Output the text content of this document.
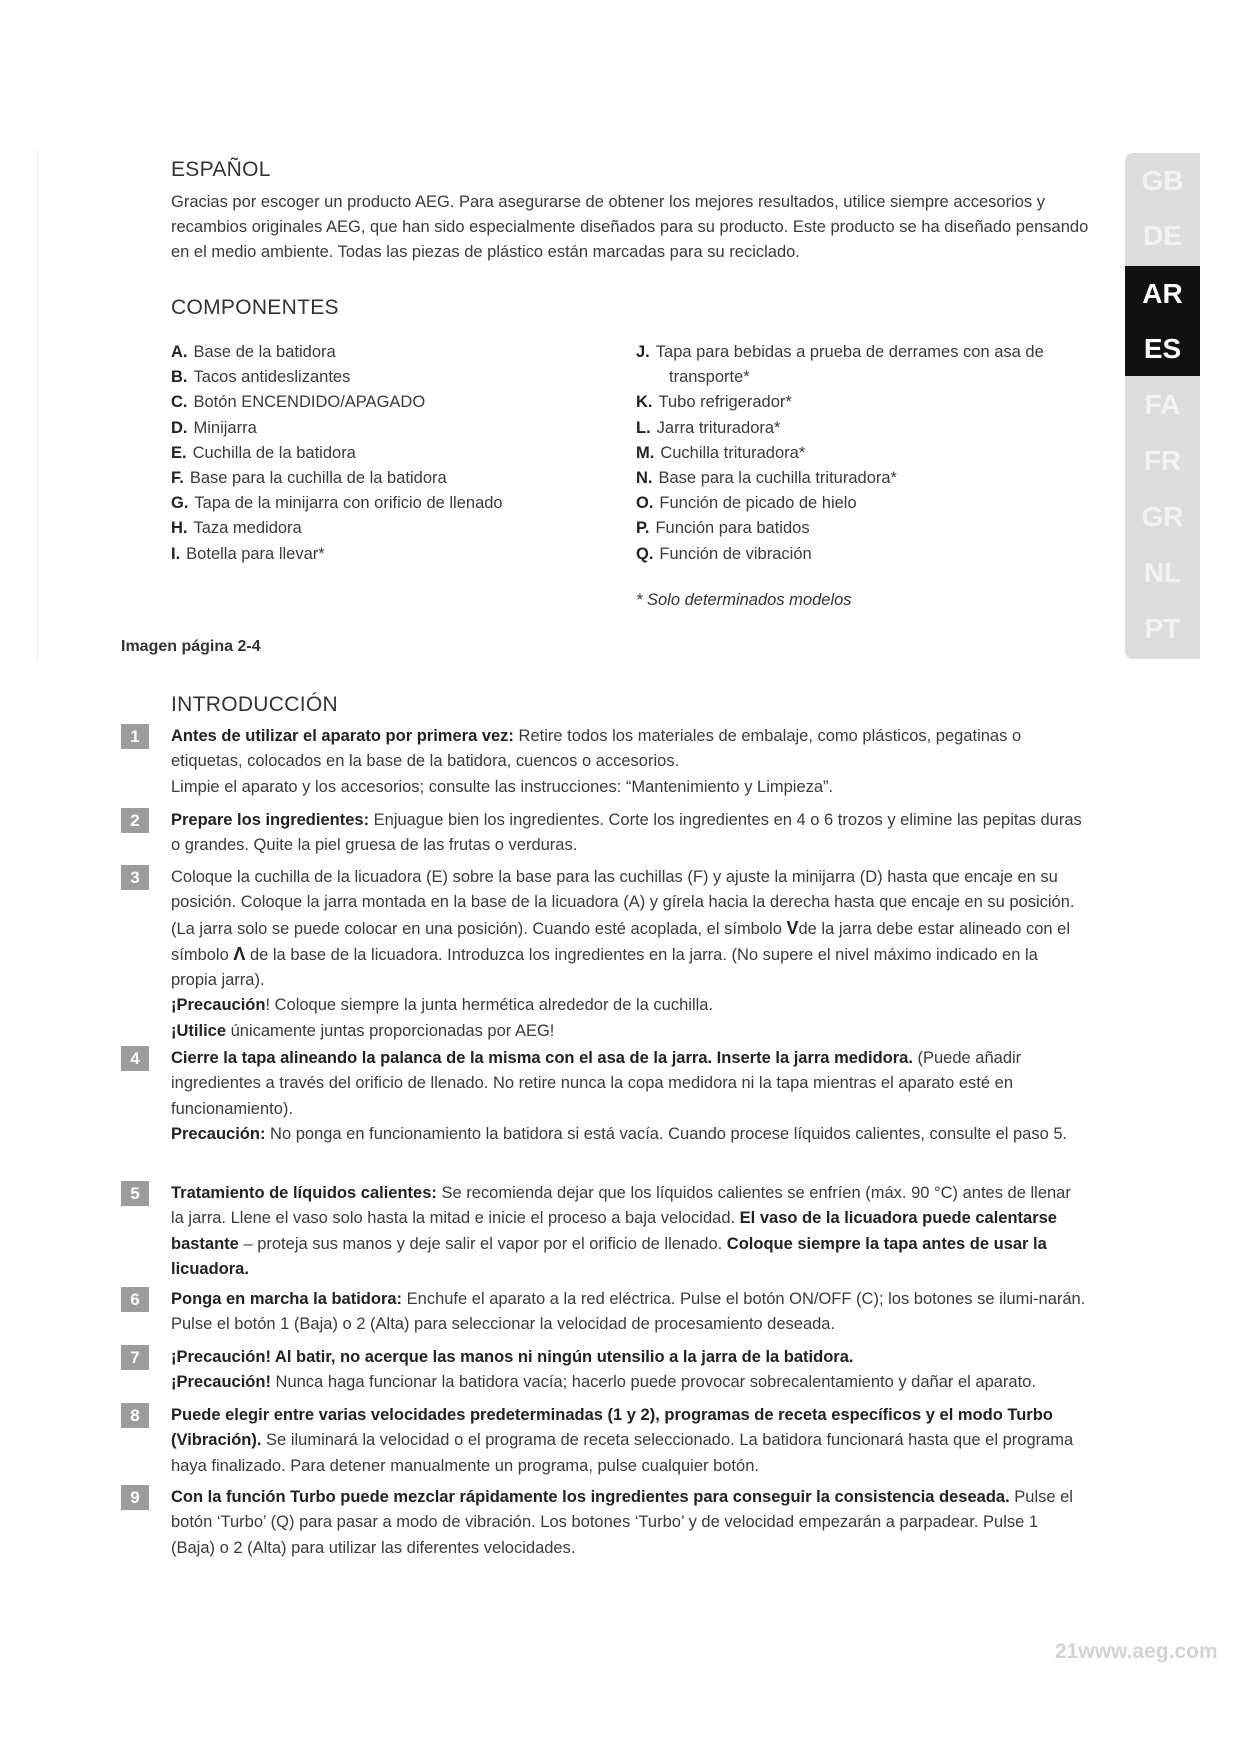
ESPAÑOL

Gracias por escoger un producto AEG. Para asegurarse de obtener los mejores resultados, utilice siempre accesorios y recambios originales AEG, que han sido especialmente diseñados para su producto. Este producto se ha diseñado pensando en el medio ambiente. Todas las piezas de plástico están marcadas para su reciclado.

COMPONENTES
A. Base de la batidora
B. Tacos antideslizantes
C. Botón ENCENDIDO/APAGADO
D. Minijarra
E. Cuchilla de la batidora
F. Base para la cuchilla de la batidora
G. Tapa de la minijarra con orificio de llenado
H. Taza medidora
I. Botella para llevar*
J. Tapa para bebidas a prueba de derrames con asa de
transporte*
K. Tubo refrigerador*
L. Jarra trituradora*
M. Cuchilla trituradora*
N. Base para la cuchilla trituradora*
O. Función de picado de hielo
P. Función para batidos
Q. Función de vibración

* Solo determinados modelos

Imagen página 2-4

INTRODUCCIÓN
1	Antes de utilizar el aparato por primera vez: Retire todos los materiales de embalaje, como plásticos, pegatinas o etiquetas, colocados en la base de la batidora, cuencos o accesorios.
Limpie el aparato y los accesorios; consulte las instrucciones: “Mantenimiento y Limpieza”.

2	Prepare los ingredientes: Enjuague bien los ingredientes. Corte los ingredientes en 4 o 6 trozos y elimine las pepitas duras o grandes. Quite la piel gruesa de las frutas o verduras.

3	Coloque la cuchilla de la licuadora (E) sobre la base para las cuchillas (F) y ajuste la minijarra (D) hasta que encaje en su posición. Coloque la jarra montada en la base de la licuadora (A) y gírela hacia la derecha hasta que encaje en su posición. (La jarra solo se puede colocar en una posición). Cuando esté acoplada, el símbolo Vde la jarra debe estar alineado con el símbolo Λ de la base de la licuadora. Introduzca los ingredientes en la jarra. (No supere el nivel máximo indicado en la propia jarra).
¡Precaución! Coloque siempre la junta hermética alrededor de la cuchilla.
¡Utilice únicamente juntas proporcionadas por AEG!

4	Cierre la tapa alineando la palanca de la misma con el asa de la jarra. Inserte la jarra medidora. (Puede añadir ingredientes a través del orificio de llenado. No retire nunca la copa medidora ni la tapa mientras el aparato esté en funcionamiento).
Precaución: No ponga en funcionamiento la batidora si está vacía. Cuando procese líquidos calientes, consulte el paso 5.

5	Tratamiento de líquidos calientes: Se recomienda dejar que los líquidos calientes se enfríen (máx. 90 °C) antes de llenar la jarra. Llene el vaso solo hasta la mitad e inicie el proceso a baja velocidad. El vaso de la licuadora puede calentarse bastante – proteja sus manos y deje salir el vapor por el orificio de llenado. Coloque siempre la tapa antes de usar la licuadora.

6	Ponga en marcha la batidora: Enchufe el aparato a la red eléctrica. Pulse el botón ON/OFF (C); los botones se ilumi-narán. Pulse el botón 1 (Baja) o 2 (Alta) para seleccionar la velocidad de procesamiento deseada.

7	¡Precaución! Al batir, no acerque las manos ni ningún utensilio a la jarra de la batidora.
¡Precaución! Nunca haga funcionar la batidora vacía; hacerlo puede provocar sobrecalentamiento y dañar el aparato.

8	Puede elegir entre varias velocidades predeterminadas (1 y 2), programas de receta específicos y el modo Turbo (Vibración). Se iluminará la velocidad o el programa de receta seleccionado. La batidora funcionará hasta que el programa haya finalizado. Para detener manualmente un programa, pulse cualquier botón.

9	Con la función Turbo puede mezclar rápidamente los ingredientes para conseguir la consistencia deseada. Pulse el botón ‘Turbo’ (Q) para pasar a modo de vibración. Los botones ‘Turbo’ y de velocidad empezarán a parpadear. Pulse 1 (Baja) o 2 (Alta) para utilizar las diferentes velocidades.

GB
DE
AR
ES
FA
FR
GR
NL
PT

21www.aeg.com
